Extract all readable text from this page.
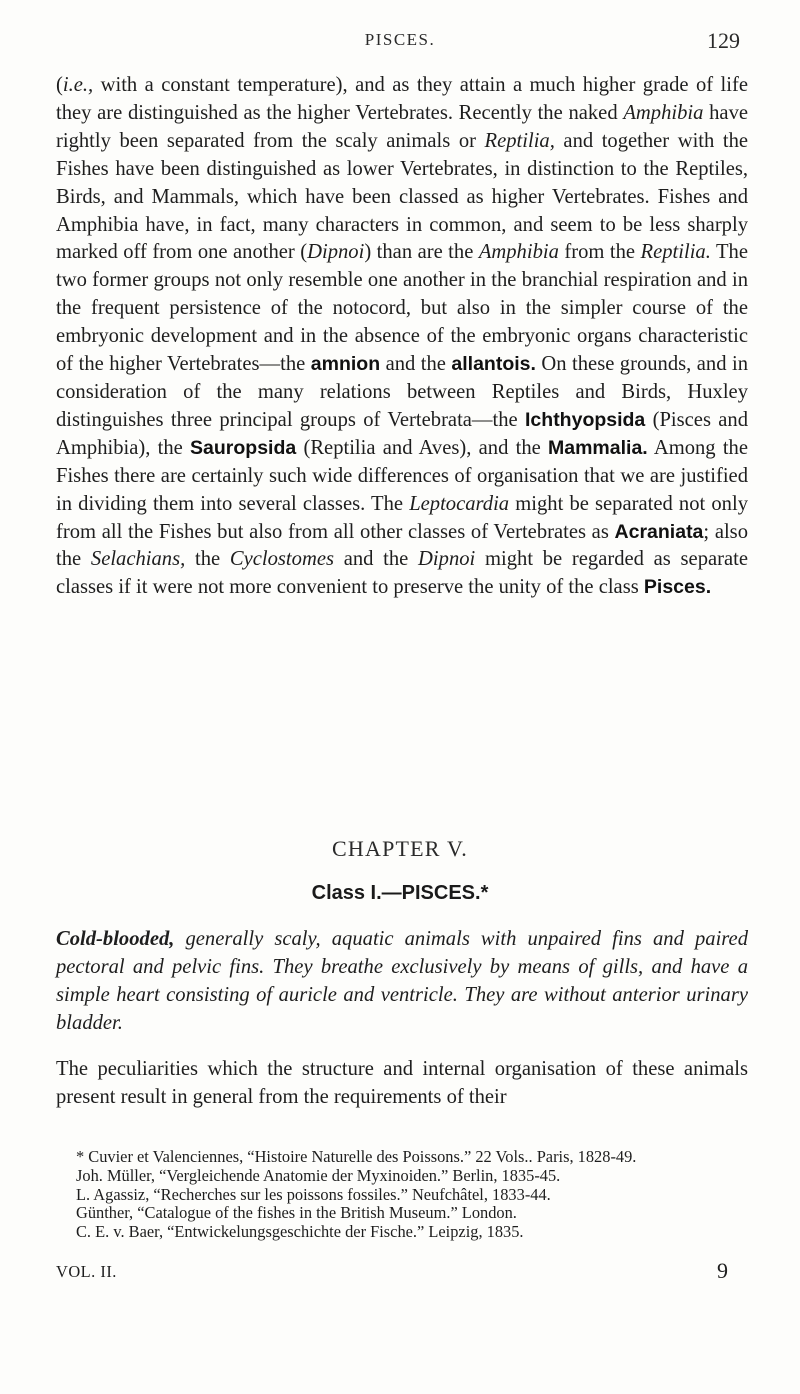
PISCES.	129

(i.e., with a constant temperature), and as they attain a much higher grade of life they are distinguished as the higher Vertebrates. Recently the naked Amphibia have rightly been separated from the scaly animals or Reptilia, and together with the Fishes have been distinguished as lower Vertebrates, in distinction to the Reptiles, Birds, and Mammals, which have been classed as higher Vertebrates. Fishes and Amphibia have, in fact, many characters in common, and seem to be less sharply marked off from one another (Dipnoi) than are the Amphibia from the Reptilia. The two former groups not only resemble one another in the branchial respiration and in the frequent persistence of the notocord, but also in the simpler course of the embryonic development and in the absence of the embryonic organs characteristic of the higher Vertebrates—the amnion and the allantois. On these grounds, and in consideration of the many relations between Reptiles and Birds, Huxley distinguishes three principal groups of Vertebrata—the Ichthyopsida (Pisces and Amphibia), the Sauropsida (Reptilia and Aves), and the Mammalia. Among the Fishes there are certainly such wide differences of organisation that we are justified in dividing them into several classes. The Leptocardia might be separated not only from all the Fishes but also from all other classes of Vertebrates as Acraniata; also the Selachians, the Cyclostomes and the Dipnoi might be regarded as separate classes if it were not more convenient to preserve the unity of the class Pisces.

CHAPTER V.
Class I.—PISCES.*
Cold-blooded, generally scaly, aquatic animals with unpaired fins and paired pectoral and pelvic fins. They breathe exclusively by means of gills, and have a simple heart consisting of auricle and ventricle. They are without anterior urinary bladder.
The peculiarities which the structure and internal organisation of these animals present result in general from the requirements of their

* Cuvier et Valenciennes, “Histoire Naturelle des Poissons.” 22 Vols.. Paris, 1828-49.

Joh. Müller, “Vergleichende Anatomie der Myxinoiden.” Berlin, 1835-45.

L. Agassiz, “Recherches sur les poissons fossiles.” Neufchâtel, 1833-44.

Günther, “Catalogue of the fishes in the British Museum.” London.

C. E. v. Baer, “Entwickelungsgeschichte der Fische.” Leipzig, 1835.

VOL. II.	9
